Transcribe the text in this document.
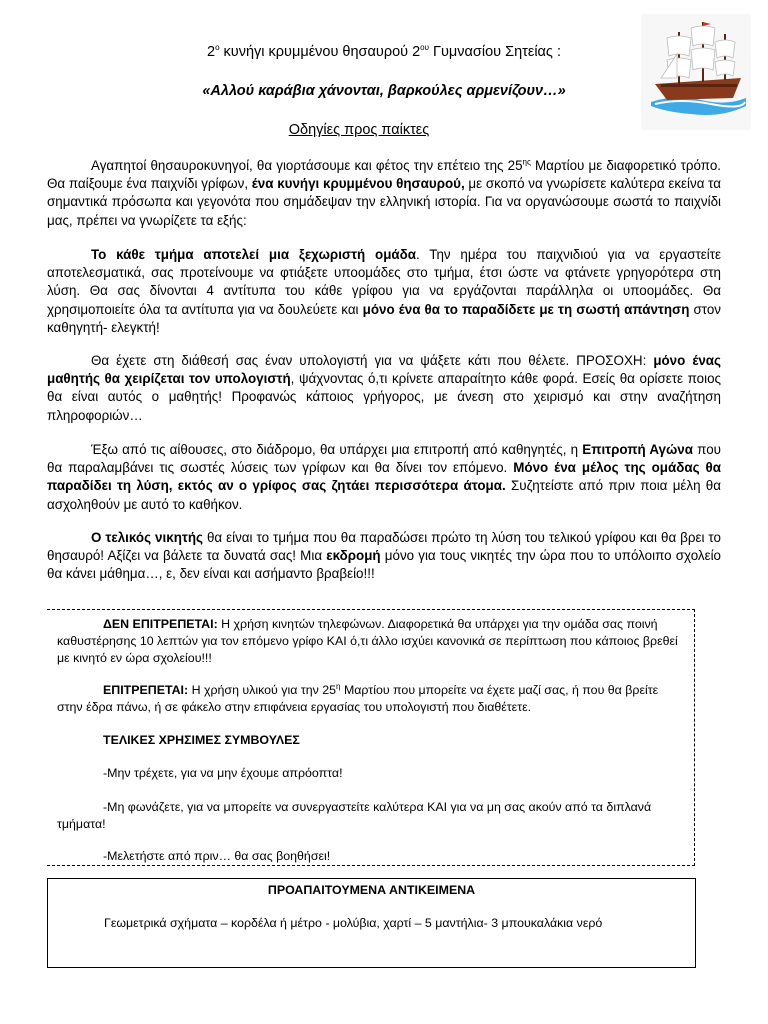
$2^o$ κυνήγι κρυμμένου θησαυρού $2^{o\upsilon}$ Γυμνασίου Σητείας :
«Αλλού καράβια χάνονται, βαρκούλες αρμενίζουν…»
Οδηγίες προς παίκτες
Αγαπητοί θησαυροκυνηγοί, θα γιορτάσουμε και φέτος την επέτειο της $25^{\eta\varsigma}$ Μαρτίου με διαφορετικό τρόπο. Θα παίξουμε ένα παιχνίδι γρίφων, ένα κυνήγι κρυμμένου θησαυρού, με σκοπό να γνωρίσετε καλύτερα εκείνα τα σημαντικά πρόσωπα και γεγονότα που σημάδεψαν την ελληνική ιστορία. Για να οργανώσουμε σωστά το παιχνίδι μας, πρέπει να γνωρίζετε τα εξής:
Το κάθε τμήμα αποτελεί μια ξεχωριστή ομάδα. Την ημέρα του παιχνιδιού για να εργαστείτε αποτελεσματικά, σας προτείνουμε να φτιάξετε υποομάδες στο τμήμα, έτσι ώστε να φτάνετε γρηγορότερα στη λύση. Θα σας δίνονται 4 αντίτυπα του κάθε γρίφου για να εργάζονται παράλληλα οι υποομάδες. Θα χρησιμοποιείτε όλα τα αντίτυπα για να δουλεύετε και μόνο ένα θα το παραδίδετε με τη σωστή απάντηση στον καθηγητή- ελεγκτή!
Θα έχετε στη διάθεσή σας έναν υπολογιστή για να ψάξετε κάτι που θέλετε. ΠΡΟΣΟΧΗ: μόνο ένας μαθητής θα χειρίζεται τον υπολογιστή, ψάχνοντας ό,τι κρίνετε απαραίτητο κάθε φορά. Εσείς θα ορίσετε ποιος θα είναι αυτός ο μαθητής! Προφανώς κάποιος γρήγορος, με άνεση στο χειρισμό και στην αναζήτηση πληροφοριών…
Έξω από τις αίθουσες, στο διάδρομο, θα υπάρχει μια επιτροπή από καθηγητές, η Επιτροπή Αγώνα που θα παραλαμβάνει τις σωστές λύσεις των γρίφων και θα δίνει τον επόμενο. Μόνο ένα μέλος της ομάδας θα παραδίδει τη λύση, εκτός αν ο γρίφος σας ζητάει περισσότερα άτομα. Συζητείστε από πριν ποια μέλη θα ασχοληθούν με αυτό το καθήκον.
Ο τελικός νικητής θα είναι το τμήμα που θα παραδώσει πρώτο τη λύση του τελικού γρίφου και θα βρει το θησαυρό! Αξίζει να βάλετε τα δυνατά σας! Μια εκδρομή μόνο για τους νικητές την ώρα που το υπόλοιπο σχολείο θα κάνει μάθημα…, ε, δεν είναι και ασήμαντο βραβείο!!!
ΔΕΝ ΕΠΙΤΡΕΠΕΤΑΙ: Η χρήση κινητών τηλεφώνων. Διαφορετικά θα υπάρχει για την ομάδα σας ποινή καθυστέρησης 10 λεπτών για τον επόμενο γρίφο ΚΑΙ ό,τι άλλο ισχύει κανονικά σε περίπτωση που κάποιος βρεθεί με κινητό εν ώρα σχολείου!!!
ΕΠΙΤΡΕΠΕΤΑΙ: Η χρήση υλικού για την $25^\eta$ Μαρτίου που μπορείτε να έχετε μαζί σας, ή που θα βρείτε στην έδρα πάνω, ή σε φάκελο στην επιφάνεια εργασίας του υπολογιστή που διαθέτετε.
ΤΕΛΙΚΕΣ ΧΡΗΣΙΜΕΣ ΣΥΜΒΟΥΛΕΣ
-Μην τρέχετε, για να μην έχουμε απρόοπτα!
-Μη φωνάζετε, για να μπορείτε να συνεργαστείτε καλύτερα ΚΑΙ για να μη σας ακούν από τα διπλανά τμήματα!
-Μελετήστε από πριν… θα σας βοηθήσει!
ΠΡΟΑΠΑΙΤΟΥΜΕΝΑ ΑΝΤΙΚΕΙΜΕΝΑ
Γεωμετρικά σχήματα – κορδέλα ή μέτρο - μολύβια, χαρτί – 5 μαντήλια- 3 μπουκαλάκια νερό
